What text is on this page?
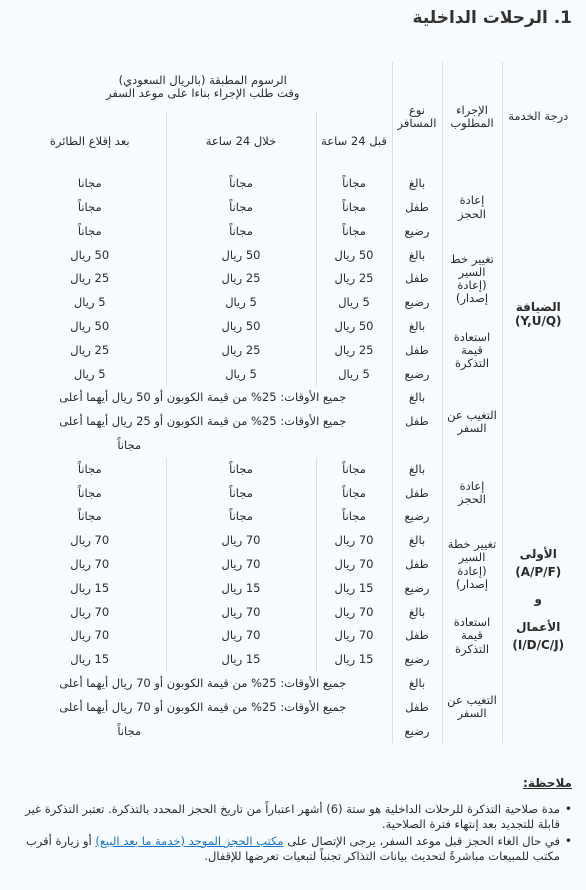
1. الرحلات الداخلية
درجة الخدمة	الإجراء المطلوب	نوع المسافر	الرسوم المطبقة (بالريال السعودي)
وقت طلب الإجراء بناءا على موعد السفر		

			قبل 24 ساعة	خلال 24 ساعة	بعد إقلاع الطائرة

الضيافة
(Y,U/Q)	إعادة الحجز	بالغ	مجاناً	مجاناً	مجانا
		طفل	مجاناً	مجاناً	مجاناً
		رضيع	مجاناً	مجاناً	مجاناً
	تغيير خط السير (إعادة إصدار)	بالغ	50 ريال	50 ريال	50 ريال
		طفل	25 ريال	25 ريال	25 ريال
		رضيع	5 ريال	5 ريال	5 ريال
	استعادة قيمة التذكرة	بالغ	50 ريال	50 ريال	50 ريال
		طفل	25 ريال	25 ريال	25 ريال
		رضيع	5 ريال	5 ريال	5 ريال
	التغيب عن السفر	بالغ	جميع الأوقات: 25% من قيمة الكوبون أو 50 ريال أيهما أعلى		
		طفل	جميع الأوقات: 25% من قيمة الكوبون أو 25 ريال أيهما أعلى		
			مجاناً		

الأولى
(A/P/F)
و
الأعمال
(I/D/C/J)	إعادة الحجز	بالغ	مجاناً	مجاناً	مجاناً
		طفل	مجاناً	مجاناً	مجاناً
		رضيع	مجاناً	مجاناً	مجاناً
	تغيير خطة السير (إعادة إصدار)	بالغ	70 ريال	70 ريال	70 ريال
		طفل	70 ريال	70 ريال	70 ريال
		رضيع	15 ريال	15 ريال	15 ريال
	استعادة قيمة التذكرة	بالغ	70 ريال	70 ريال	70 ريال
		طفل	70 ريال	70 ريال	70 ريال
		رضيع	15 ريال	15 ريال	15 ريال
	التغيب عن السفر	بالغ	جميع الأوقات: 25% من قيمة الكوبون أو 70 ريال أيهما أعلى		
		طفل	جميع الأوقات: 25% من قيمة الكوبون أو 70 ريال أيهما أعلى		
		رضيع	مجاناً		
ملاحظة:
• مدة صلاحية التذكرة للرحلات الداخلية هو ستة (6) أشهر اعتباراً من تاريخ الحجز المحدد بالتذكرة. تعتبر التذكرة غير قابلة للتجديد بعد إنتهاء فترة الصلاحية.
• في حال الغاء الحجز قبل موعد السفر، يرجى الإتصال على مكتب الحجز الموحد (خدمة ما بعد البيع) أو زيارة أقرب مكتب للمبيعات مباشرةً لتحديث بيانات التذاكر تجنباً لتبعيات تعرضها للإقفال.
